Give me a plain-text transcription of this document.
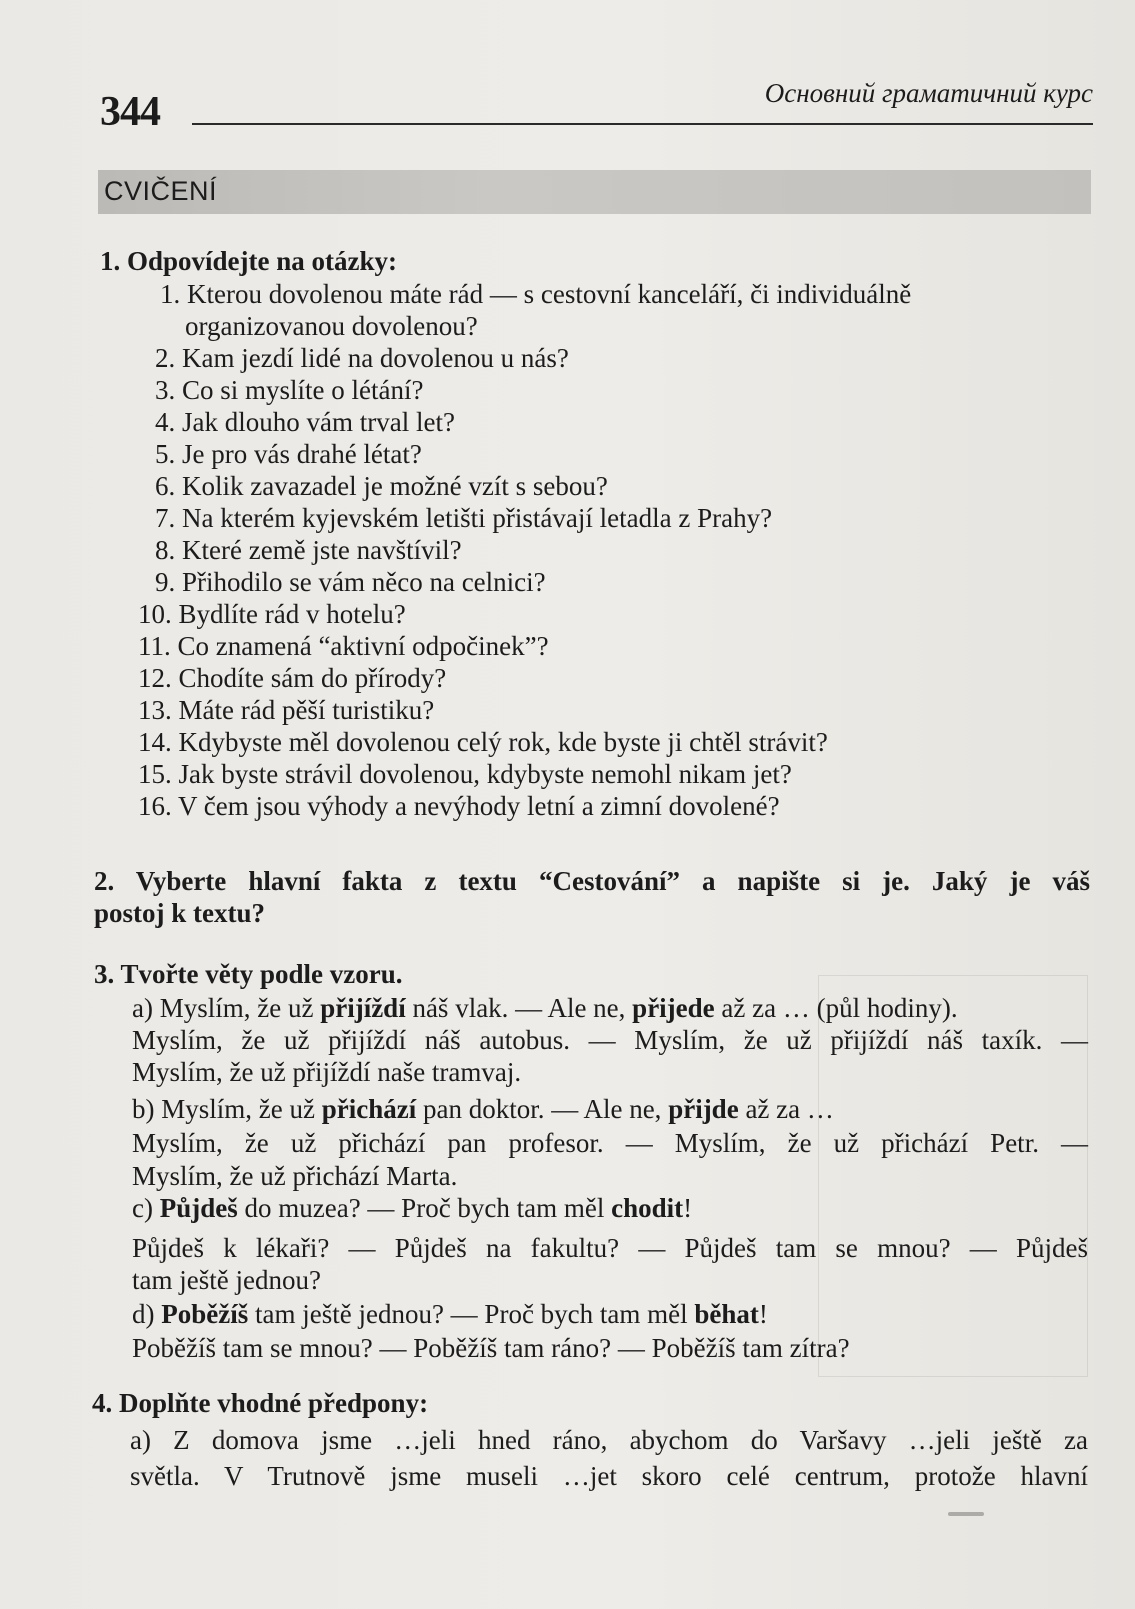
344	Основний граматичний курс
CVIČENÍ
1. Odpovídejte na otázky:
1. Kterou dovolenou máte rád — s cestovní kanceláří, či individuálně
organizovanou dovolenou?
2. Kam jezdí lidé na dovolenou u nás?
3. Co si myslíte o létání?
4. Jak dlouho vám trval let?
5. Je pro vás drahé létat?
6. Kolik zavazadel je možné vzít s sebou?
7. Na kterém kyjevském letišti přistávají letadla z Prahy?
8. Které země jste navštívil?
9. Přihodilo se vám něco na celnici?
10. Bydlíte rád v hotelu?
11. Co znamená “aktivní odpočinek”?
12. Chodíte sám do přírody?
13. Máte rád pěší turistiku?
14. Kdybyste měl dovolenou celý rok, kde byste ji chtěl strávit?
15. Jak byste strávil dovolenou, kdybyste nemohl nikam jet?
16. V čem jsou výhody a nevýhody letní a zimní dovolené?
2. Vyberte hlavní fakta z textu “Cestování” a napište si je. Jaký je váš
postoj k textu?
3. Tvořte věty podle vzoru.
a) Myslím, že už přijíždí náš vlak. — Ale ne, přijede až za … (půl hodiny).
Myslím, že už přijíždí náš autobus. — Myslím, že už přijíždí náš taxík. —
Myslím, že už přijíždí naše tramvaj.
b) Myslím, že už přichází pan doktor. — Ale ne, přijde až za …
Myslím, že už přichází pan profesor. — Myslím, že už přichází Petr. —
Myslím, že už přichází Marta.
c) Půjdeš do muzea? — Proč bych tam měl chodit!
Půjdeš k lékaři? — Půjdeš na fakultu? — Půjdeš tam se mnou? — Půjdeš
tam ještě jednou?
d) Poběžíš tam ještě jednou? — Proč bych tam měl běhat!
Poběžíš tam se mnou? — Poběžíš tam ráno? — Poběžíš tam zítra?
4. Doplňte vhodné předpony:
a) Z domova jsme …jeli hned ráno, abychom do Varšavy …jeli ještě za
světla. V Trutnově jsme museli …jet skoro celé centrum, protože hlavní
